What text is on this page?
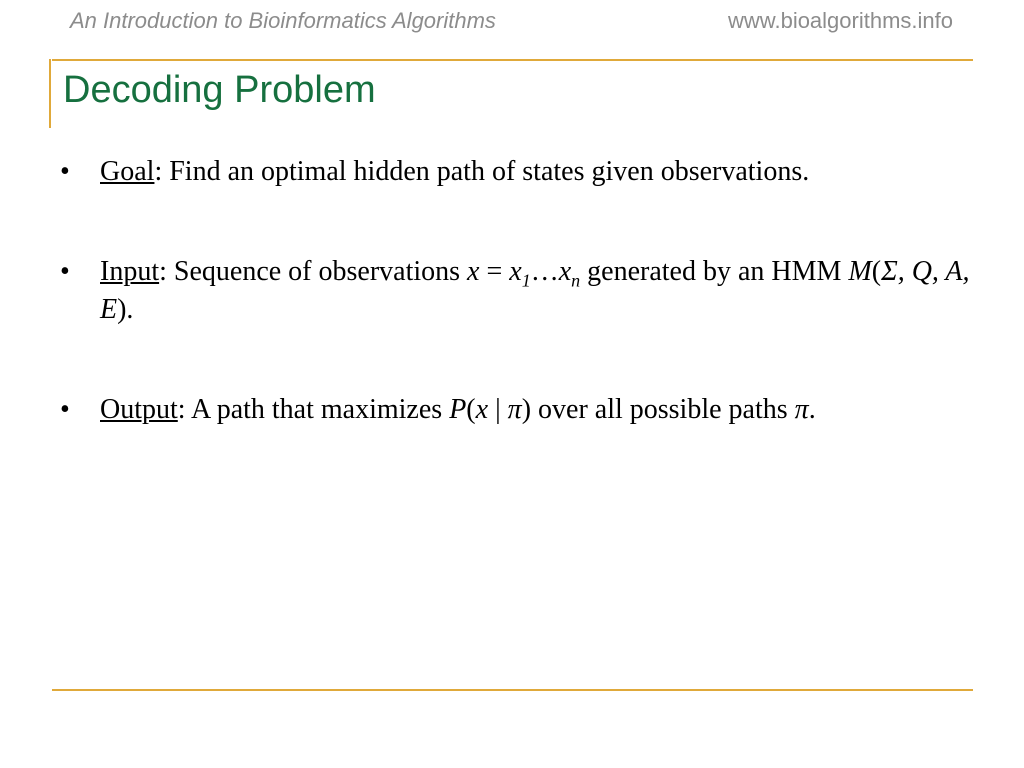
An Introduction to Bioinformatics Algorithms	www.bioalgorithms.info
Decoding Problem
• Goal: Find an optimal hidden path of states given observations.
• Input: Sequence of observations $x = x_1\dots x_n$ generated by an HMM M(Σ, Q, A, E).
• Output: A path that maximizes P(x | π) over all possible paths π.
